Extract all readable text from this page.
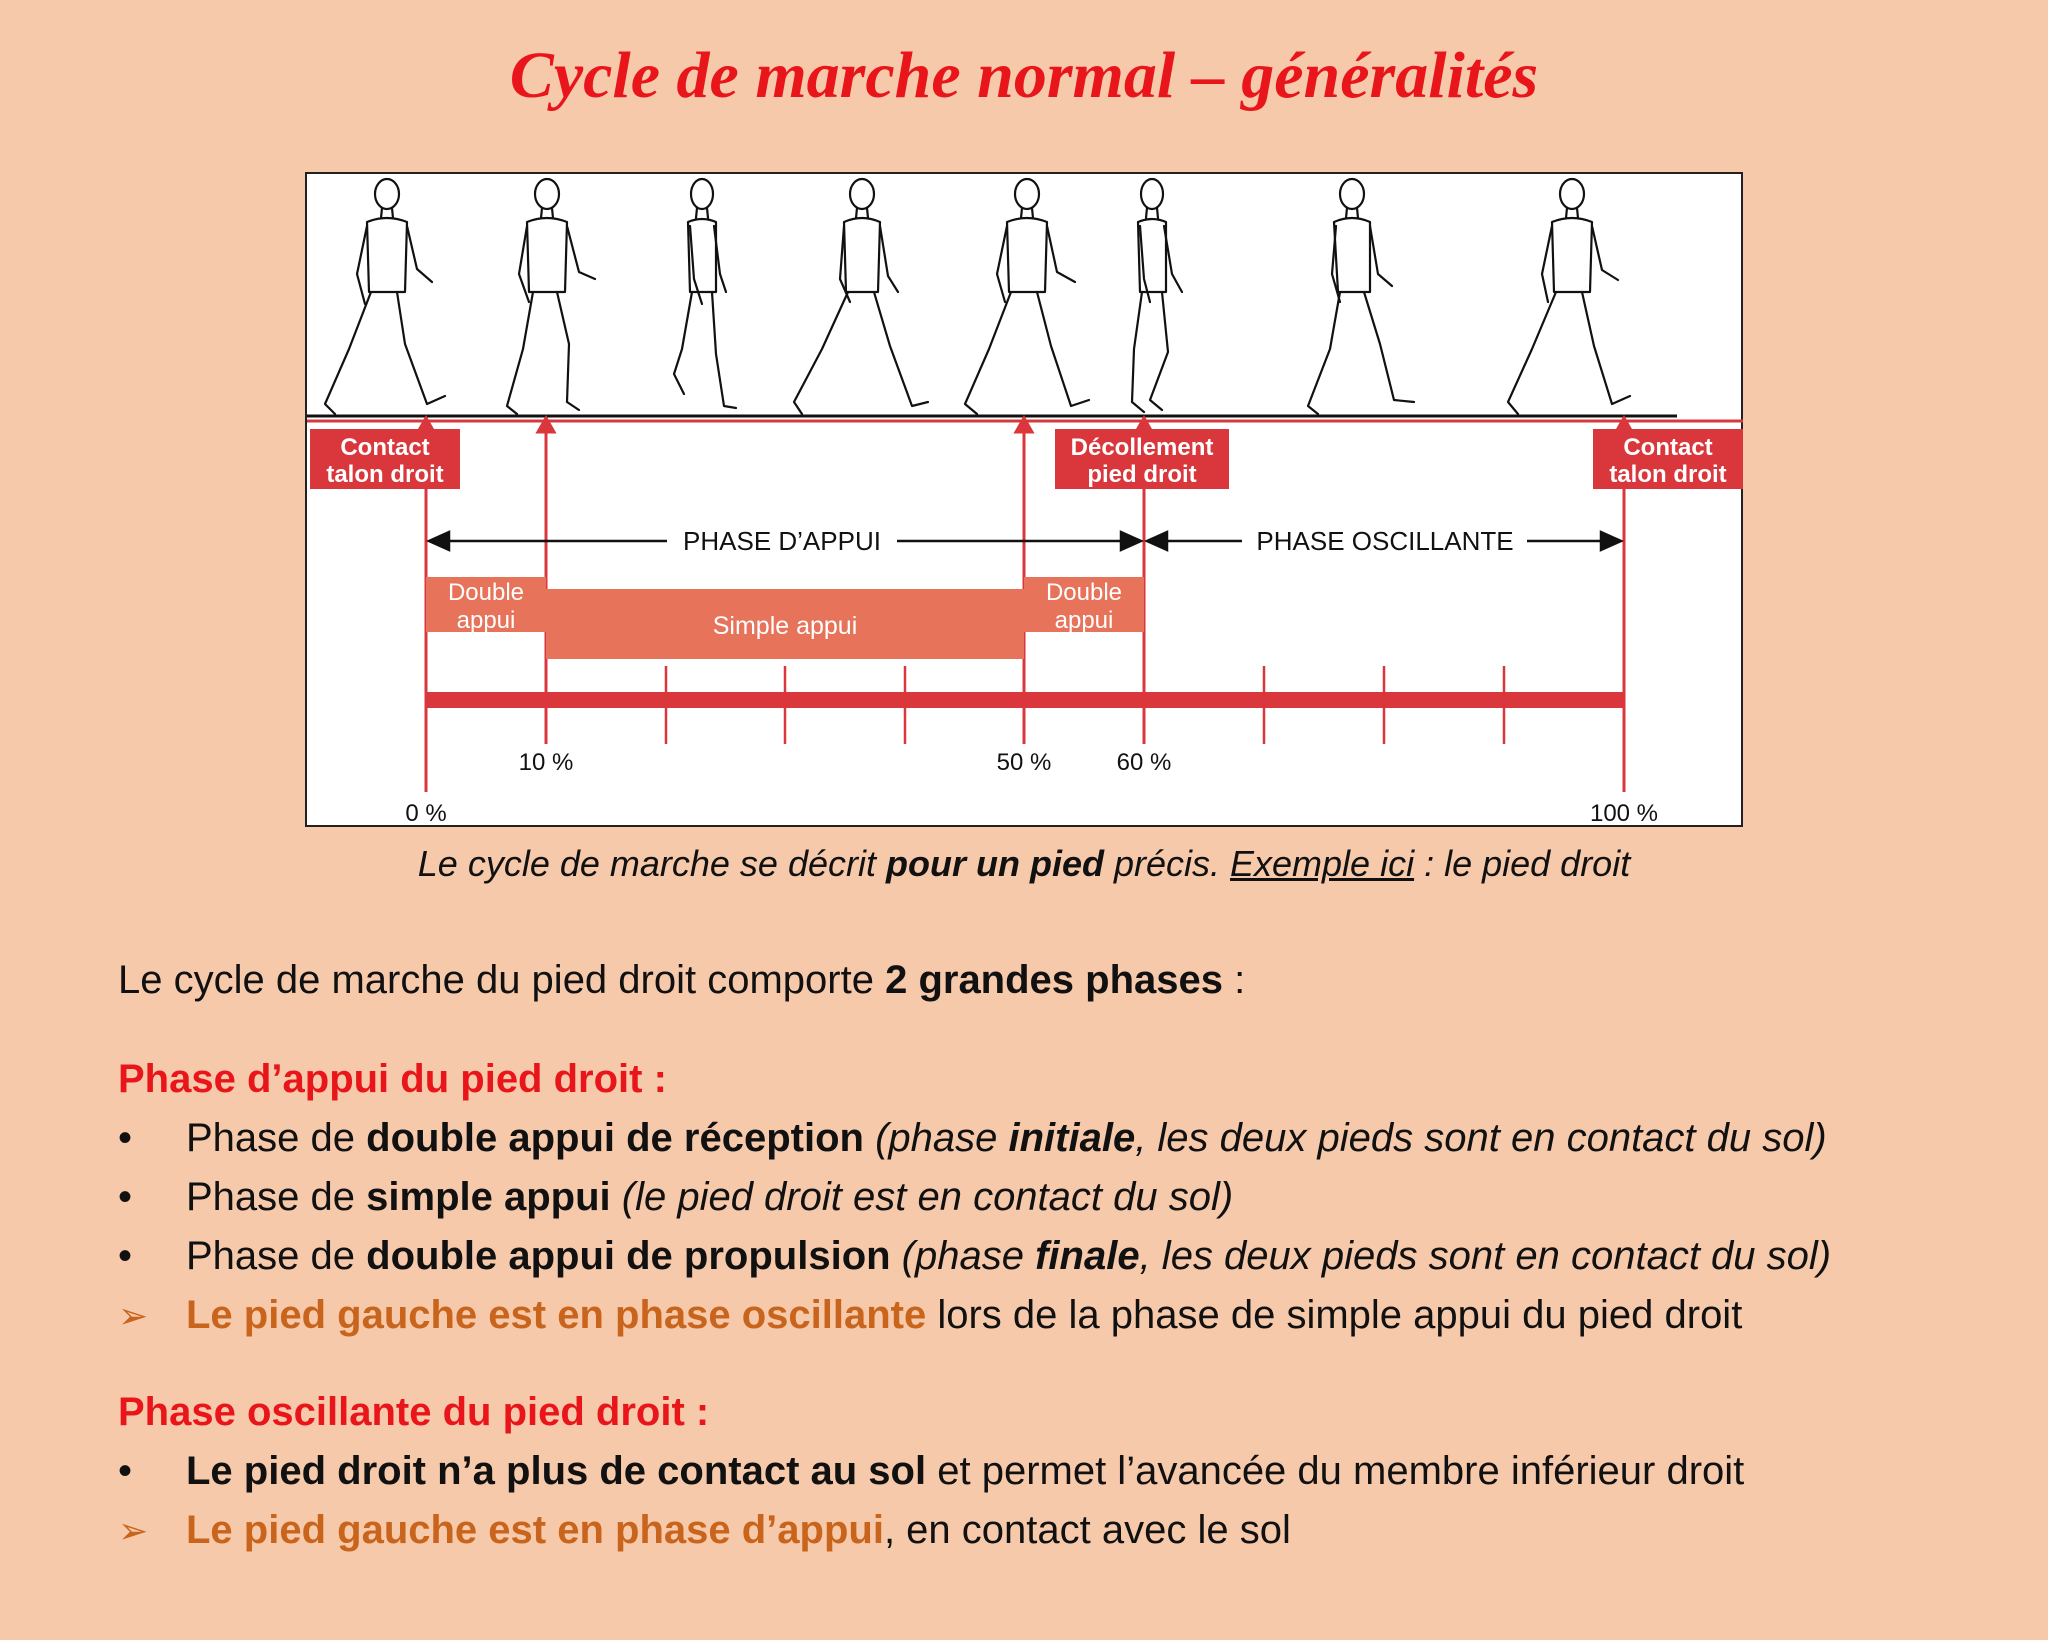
Cycle de marche normal – généralités
Contact
talon droit
Décollement
pied droit
Contact
talon droit
PHASE D’APPUI	PHASE OSCILLANTE
Double
appui	Simple appui
Double
appui
0 %
10 %	50 %	60 %
100 %
Le cycle de marche se décrit pour un pied précis. Exemple ici : le pied droit
Le cycle de marche du pied droit comporte 2 grandes phases :
Phase d’appui du pied droit :
• Phase de double appui de réception (phase initiale, les deux pieds sont en contact du sol)
• Phase de simple appui (le pied droit est en contact du sol)
• Phase de double appui de propulsion (phase finale, les deux pieds sont en contact du sol)
➢ Le pied gauche est en phase oscillante lors de la phase de simple appui du pied droit
Phase oscillante du pied droit :
• Le pied droit n’a plus de contact au sol et permet l’avancée du membre inférieur droit
➢ Le pied gauche est en phase d’appui, en contact avec le sol
